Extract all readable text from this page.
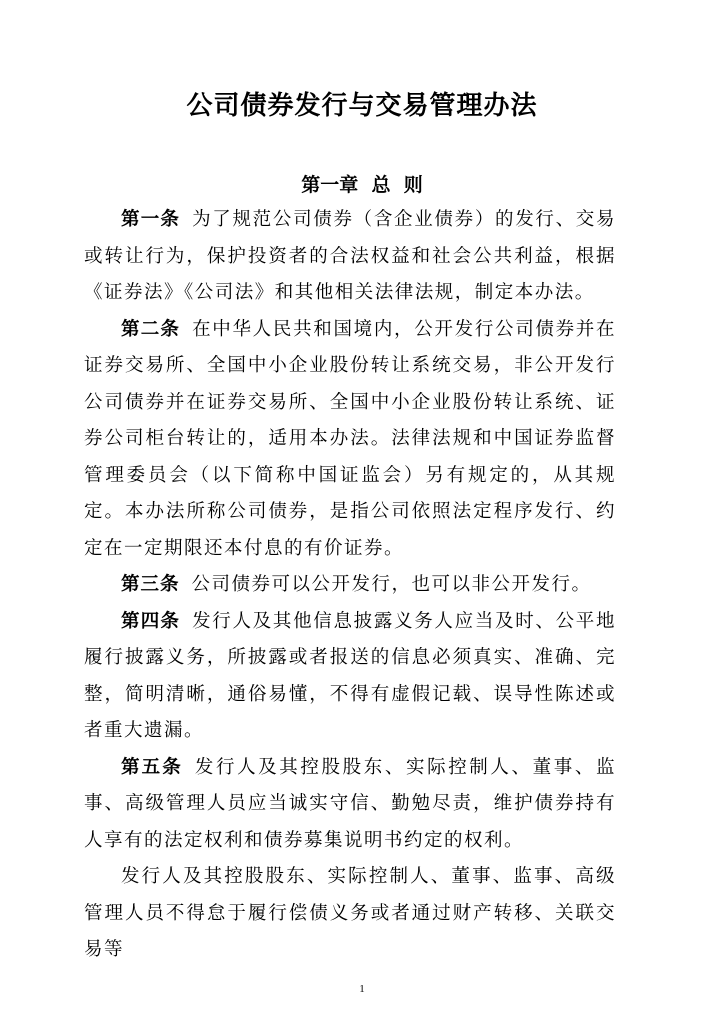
公司债券发行与交易管理办法
第一章  总  则

第一条 为了规范公司债券（含企业债券）的发行、交易或转让行为，保护投资者的合法权益和社会公共利益，根据《证券法》《公司法》和其他相关法律法规，制定本办法。

第二条 在中华人民共和国境内，公开发行公司债券并在证券交易所、全国中小企业股份转让系统交易，非公开发行公司债券并在证券交易所、全国中小企业股份转让系统、证券公司柜台转让的，适用本办法。法律法规和中国证券监督管理委员会（以下简称中国证监会）另有规定的，从其规定。本办法所称公司债券，是指公司依照法定程序发行、约定在一定期限还本付息的有价证券。

第三条 公司债券可以公开发行，也可以非公开发行。

第四条 发行人及其他信息披露义务人应当及时、公平地履行披露义务，所披露或者报送的信息必须真实、准确、完整，简明清晰，通俗易懂，不得有虚假记载、误导性陈述或者重大遗漏。

第五条 发行人及其控股股东、实际控制人、董事、监事、高级管理人员应当诚实守信、勤勉尽责，维护债券持有人享有的法定权利和债券募集说明书约定的权利。

发行人及其控股股东、实际控制人、董事、监事、高级管理人员不得怠于履行偿债义务或者通过财产转移、关联交易等

1
